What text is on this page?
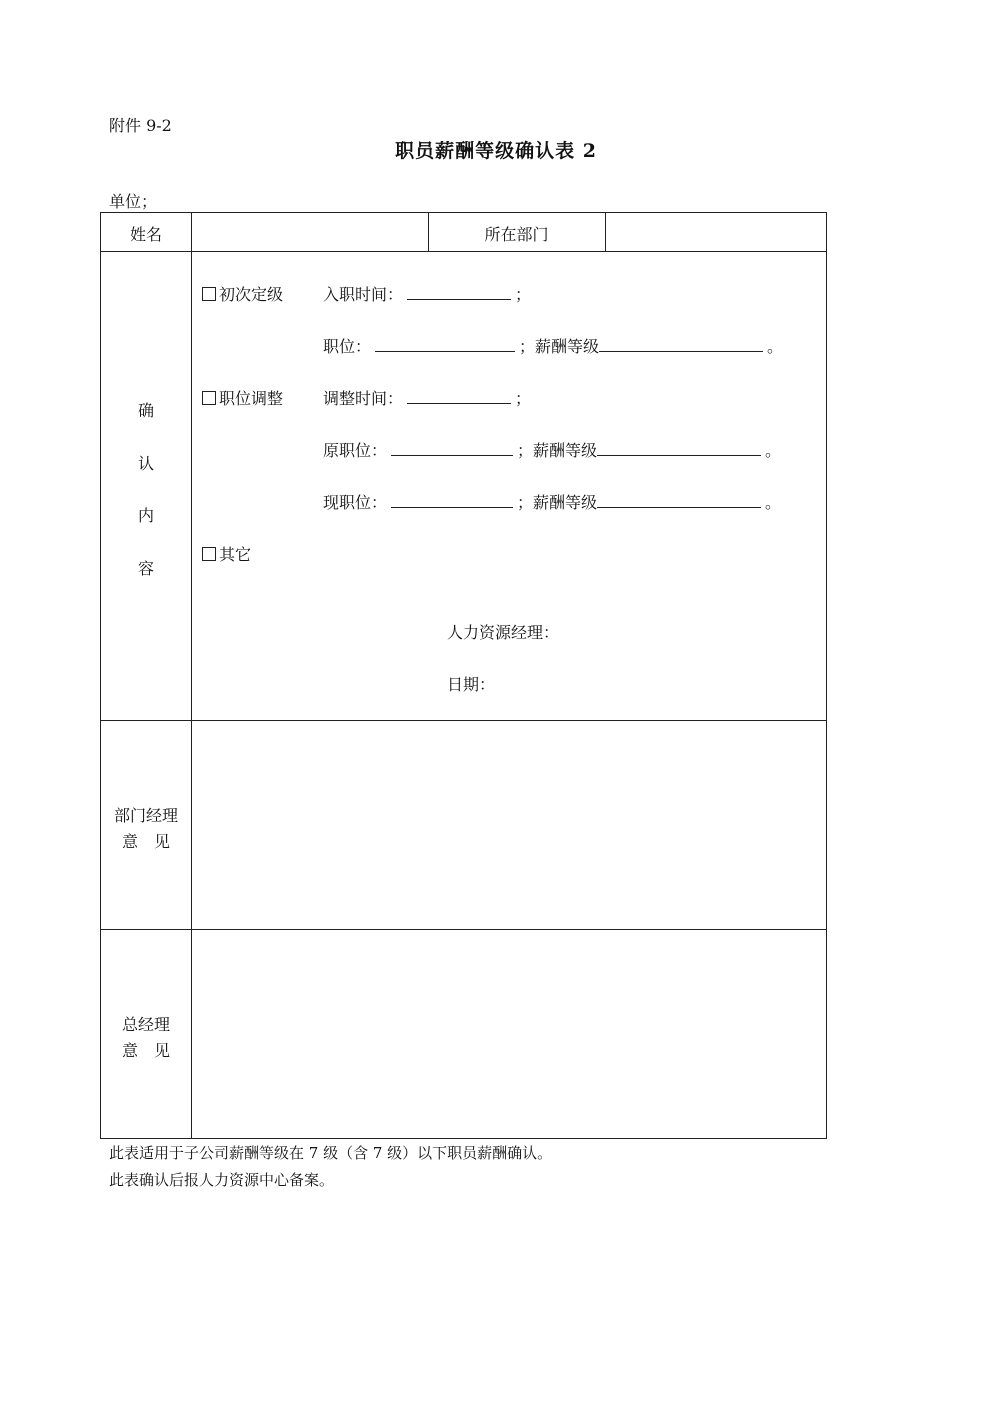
附件 9-2
职员薪酬等级确认表 2
单位；
姓名	所在部门
确
认
内
容
初次定级 入职时间：	；
职位：	；薪酬等级	。
职位调整 调整时间：	；
原职位：	；薪酬等级	。
现职位：	；薪酬等级	。
其它
人力资源经理：
日期：
部门经理
意　见
总经理
意　见
此表适用于子公司薪酬等级在 7 级（含 7 级）以下职员薪酬确认。
此表确认后报人力资源中心备案。
